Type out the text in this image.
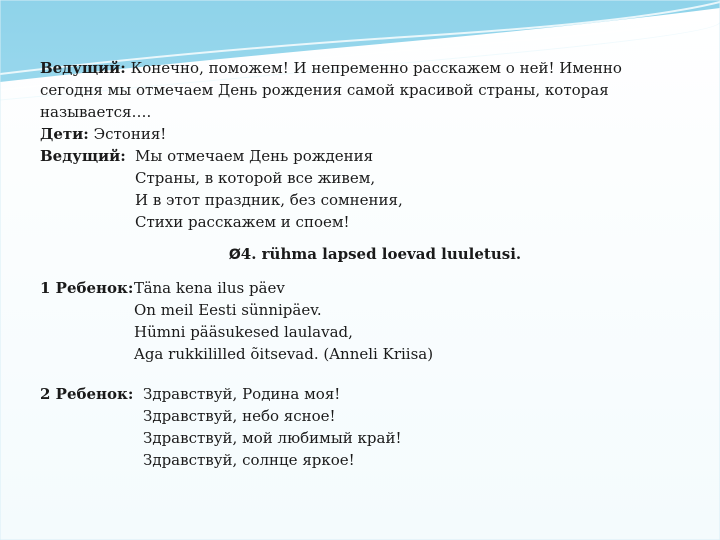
Ведущий: Конечно, поможем! И непременно расскажем о ней! Именно
сегодня мы отмечаем День рождения самой красивой страны, которая
называется….
Дети: Эстония!
Ведущий: Мы отмечаем День рождения
Страны, в которой все живем,
И в этот праздник, без сомнения,
Стихи расскажем и споем!
Ø4. rühma lapsed loevad luuletusi.
1 Ребенок:Täna kena ilus päev
On meil Eesti sünnipäev.
Hümni pääsukesed laulavad,
Aga rukkililled õitsevad. (Anneli Kriisa)
2 Ребенок: Здравствуй, Родина моя!
Здравствуй, небо ясное!
Здравствуй, мой любимый край!
Здравствуй, солнце яркое!
